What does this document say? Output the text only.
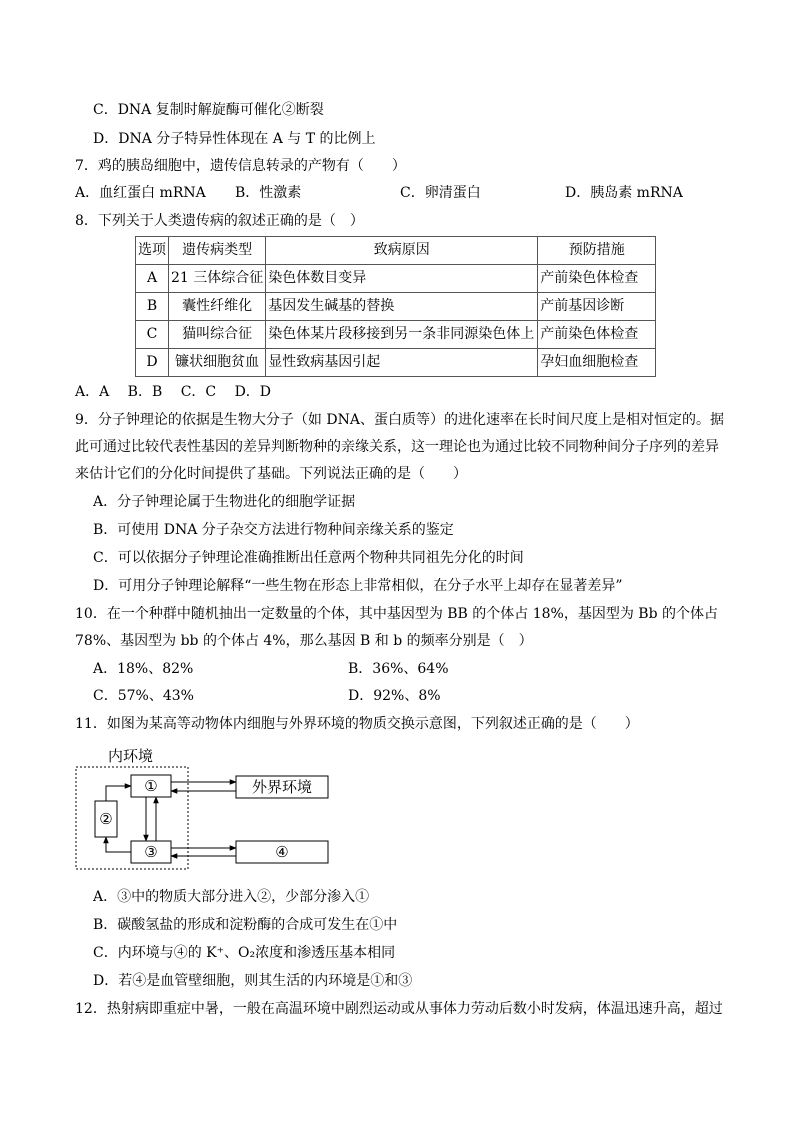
C．DNA 复制时解旋酶可催化②断裂
D．DNA 分子特异性体现在 A 与 T 的比例上
7．鸡的胰岛细胞中，遗传信息转录的产物有（　　）
A．血红蛋白 mRNA B．性激素	C．卵清蛋白	D．胰岛素 mRNA
8．下列关于人类遗传病的叙述正确的是（　）
选项	遗传病类型	致病原因	预防措施
A	21 三体综合征	染色体数目变异	产前染色体检查
B	囊性纤维化	基因发生碱基的替换	产前基因诊断
C	猫叫综合征	染色体某片段移接到另一条非同源染色体上	产前染色体检查
D	镰状细胞贫血	显性致病基因引起	孕妇血细胞检查
A．A　 B．B　 C．C　 D．D
9．分子钟理论的依据是生物大分子（如 DNA、蛋白质等）的进化速率在长时间尺度上是相对恒定的。据
此可通过比较代表性基因的差异判断物种的亲缘关系，这一理论也为通过比较不同物种间分子序列的差异
来估计它们的分化时间提供了基础。下列说法正确的是（　　）
A．分子钟理论属于生物进化的细胞学证据
B．可使用 DNA 分子杂交方法进行物种间亲缘关系的鉴定
C．可以依据分子钟理论准确推断出任意两个物种共同祖先分化的时间
D．可用分子钟理论解释“一些生物在形态上非常相似，在分子水平上却存在显著差异”
10．在一个种群中随机抽出一定数量的个体，其中基因型为 BB 的个体占 18%，基因型为 Bb 的个体占
78%、基因型为 bb 的个体占 4%，那么基因 B 和 b 的频率分别是（　）
A．18%、82%	B．36%、64%
C．57%、43%	D．92%、8%
11．如图为某高等动物体内细胞与外界环境的物质交换示意图，下列叙述正确的是（　　）
内环境
①
②
③
外界环境
④
A．③中的物质大部分进入②，少部分渗入①
B．碳酸氢盐的形成和淀粉酶的合成可发生在①中
C．内环境与④的 K⁺、O₂浓度和渗透压基本相同
D．若④是血管壁细胞，则其生活的内环境是①和③
12．热射病即重症中暑，一般在高温环境中剧烈运动或从事体力劳动后数小时发病，体温迅速升高，超过
